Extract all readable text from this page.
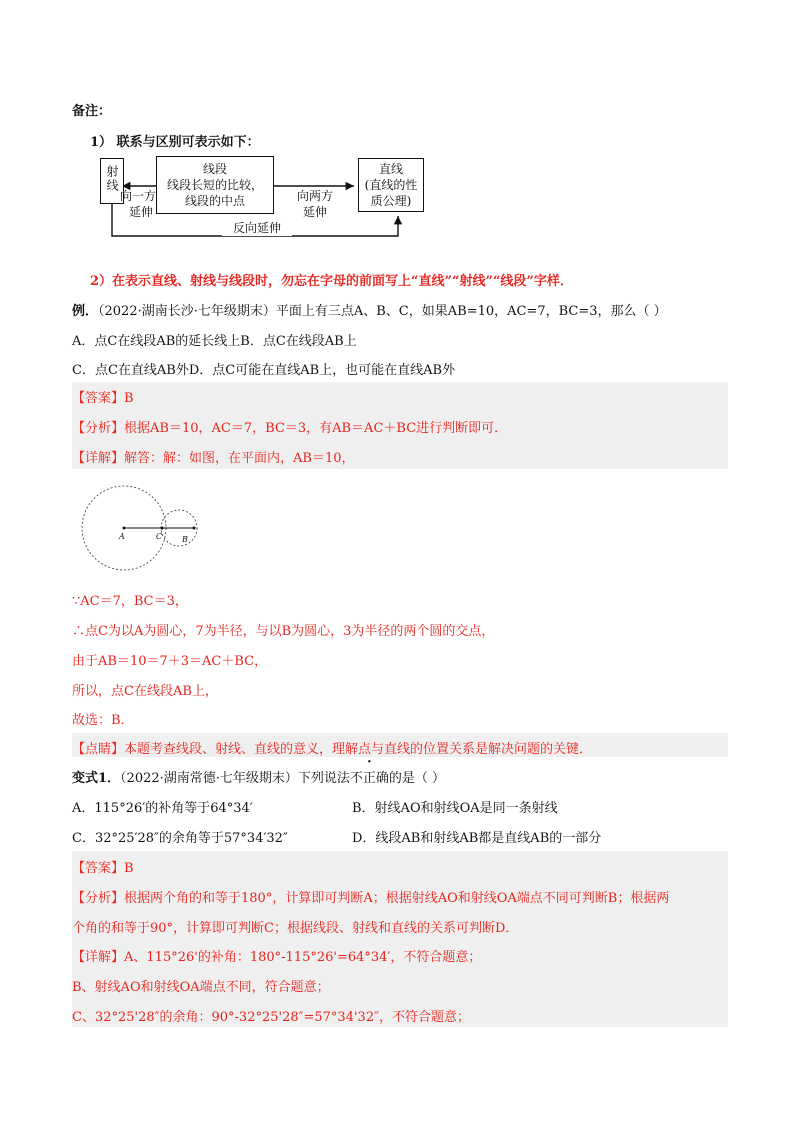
备注：
1） 联系与区别可表示如下：
射线	线段
线段长短的比较，
线段的中点
直线
(直线的性
质公理)
向一方
延伸
向两方
延伸
反向延伸
2）在表示直线、射线与线段时，勿忘在字母的前面写上“直线”“射线”“线段”字样．
例．（2022·湖南长沙·七年级期末）平面上有三点A、B、C，如果AB=10，AC=7，BC=3，那么（ ）
A．点C在线段AB的延长线上B．点C在线段AB上
C．点C在直线AB外D．点C可能在直线AB上，也可能在直线AB外
【答案】B
【分析】根据AB＝10，AC＝7，BC＝3，有AB＝AC＋BC进行判断即可．
【详解】解答：解：如图，在平面内，AB＝10，
A	C B
∵AC＝7，BC＝3，
∴点C为以A为圆心，7为半径，与以B为圆心，3为半径的两个圆的交点，
由于AB＝10＝7＋3＝AC＋BC，
所以，点C在线段AB上，
故选：B．
【点睛】本题考查线段、射线、直线的意义，理解点与直线的位置关系是解决问题的关键．
变式1．（2022·湖南常德·七年级期末）下列说法不正确的是（ ）
A．115°26′的补角等于64°34′	B．射线AO和射线OA是同一条射线
C．32°25′28″的余角等于57°34′32″	D．线段AB和射线AB都是直线AB的一部分
【答案】B
【分析】根据两个角的和等于180°，计算即可判断A；根据射线AO和射线OA端点不同可判断B；根据两
个角的和等于90°，计算即可判断C；根据线段、射线和直线的关系可判断D．
【详解】A、115°26'的补角：180°-115°26'=64°34′，不符合题意；
B、射线AO和射线OA端点不同，符合题意；
C、32°25'28″的余角：90°-32°25'28″=57°34'32″，不符合题意；
